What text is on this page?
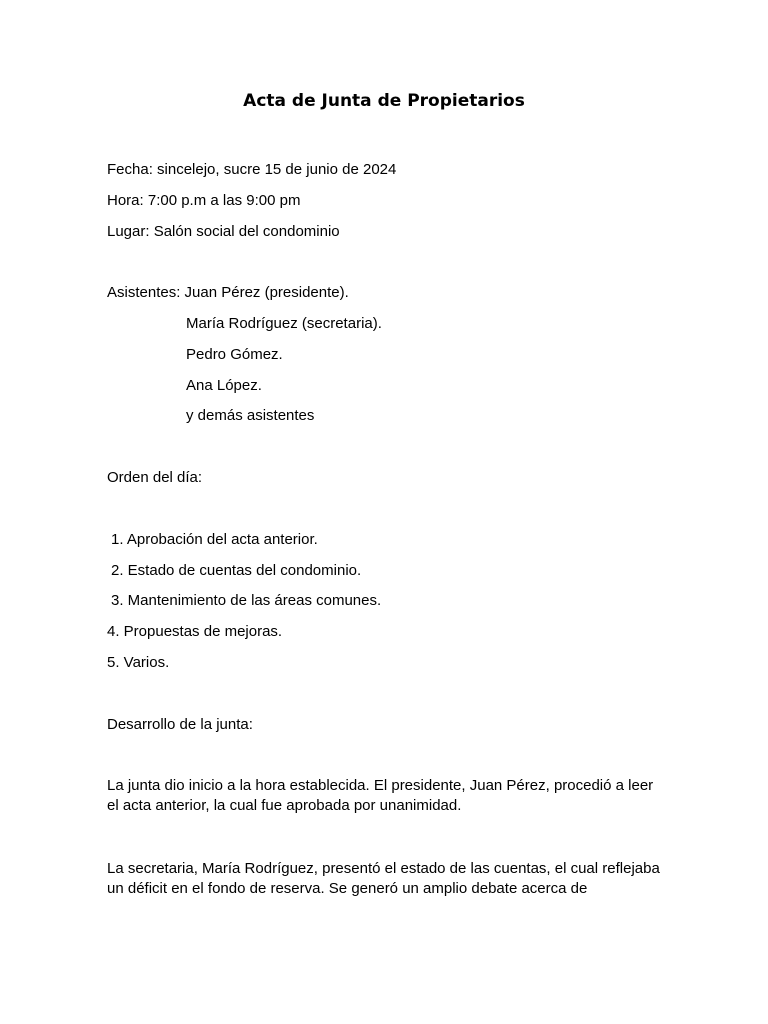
Acta de Junta de Propietarios
Fecha: sincelejo, sucre 15 de junio de 2024
Hora: 7:00 p.m a las 9:00 pm
Lugar: Salón social del condominio
Asistentes: Juan Pérez (presidente).
María Rodríguez (secretaria).
Pedro Gómez.
Ana López.
y demás asistentes
Orden del día:
1. Aprobación del acta anterior.
2. Estado de cuentas del condominio.
3. Mantenimiento de las áreas comunes.
4. Propuestas de mejoras.
5. Varios.
Desarrollo de la junta:
La junta dio inicio a la hora establecida. El presidente, Juan Pérez, procedió a leer el acta anterior, la cual fue aprobada por unanimidad.
La secretaria, María Rodríguez, presentó el estado de las cuentas, el cual reflejaba un déficit en el fondo de reserva. Se generó un amplio debate acerca de
